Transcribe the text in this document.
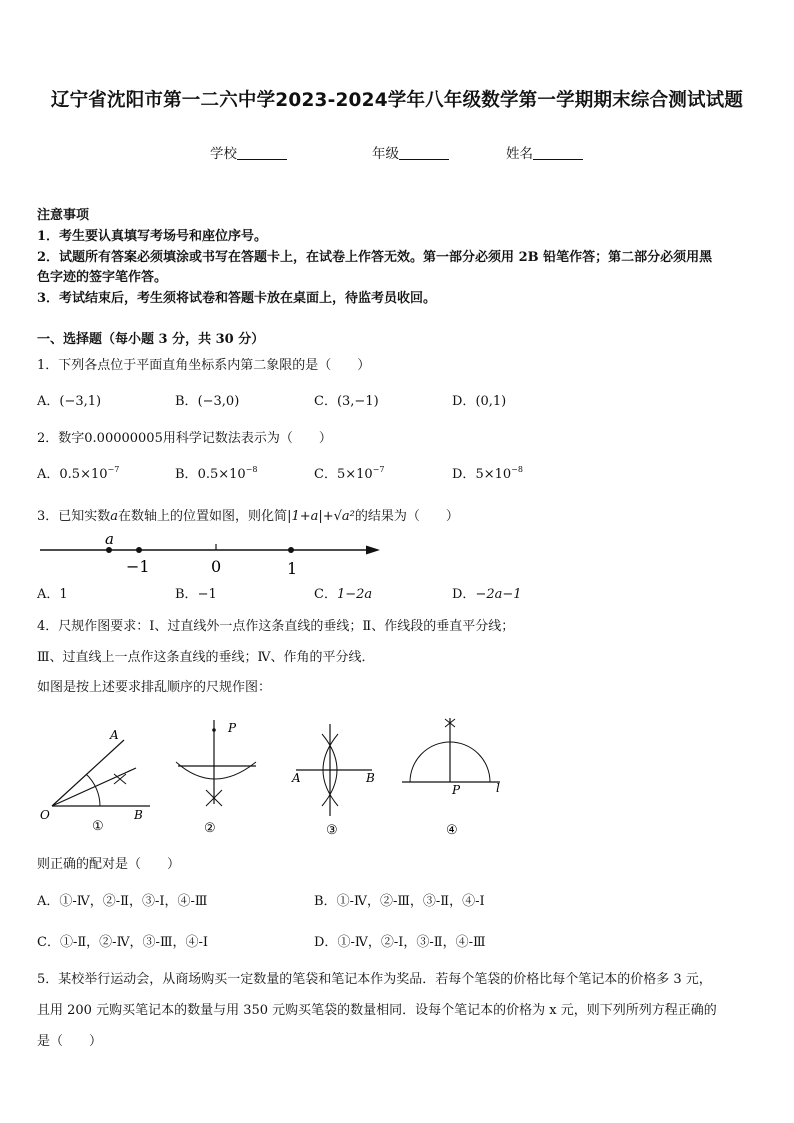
辽宁省沈阳市第一二六中学2023-2024学年八年级数学第一学期期末综合测试试题
学校	年级	姓名
注意事项
1．考生要认真填写考场号和座位序号。
2．试题所有答案必须填涂或书写在答题卡上，在试卷上作答无效。第一部分必须用 2B 铅笔作答；第二部分必须用黑
色字迹的签字笔作答。
3．考试结束后，考生须将试卷和答题卡放在桌面上，待监考员收回。
一、选择题（每小题 3 分，共 30 分）
1．下列各点位于平面直角坐标系内第二象限的是（　　）
A．(−3,1)	B．(−3,0)	C．(3,−1)	D．(0,1)
2．数字0.00000005用科学记数法表示为（　　）
A．$0.5\times 10^{-7}$	B．$0.5\times 10^{-8}$	C．$5\times 10^{-7}$	D．$5\times 10^{-8}$
3．已知实数a在数轴上的位置如图，则化简|1+a|+√a²的结果为（　　）
a
−1	0	1
A．1	B．−1	C．1−2a	D．−2a−1
4．尺规作图要求：Ⅰ、过直线外一点作这条直线的垂线；Ⅱ、作线段的垂直平分线；
Ⅲ、过直线上一点作这条直线的垂线；Ⅳ、作角的平分线．
如图是按上述要求排乱顺序的尺规作图：
A
O	B
①
P
②
A	B
③
P	l
④
则正确的配对是（　　）
A．①-Ⅳ，②-Ⅱ，③-Ⅰ，④-Ⅲ	B．①-Ⅳ，②-Ⅲ，③-Ⅱ，④-Ⅰ
C．①-Ⅱ，②-Ⅳ，③-Ⅲ，④-Ⅰ	D．①-Ⅳ，②-Ⅰ，③-Ⅱ，④-Ⅲ
5．某校举行运动会，从商场购买一定数量的笔袋和笔记本作为奖品．若每个笔袋的价格比每个笔记本的价格多 3 元，
且用 200 元购买笔记本的数量与用 350 元购买笔袋的数量相同．设每个笔记本的价格为 x 元，则下列所列方程正确的
是（　　）
